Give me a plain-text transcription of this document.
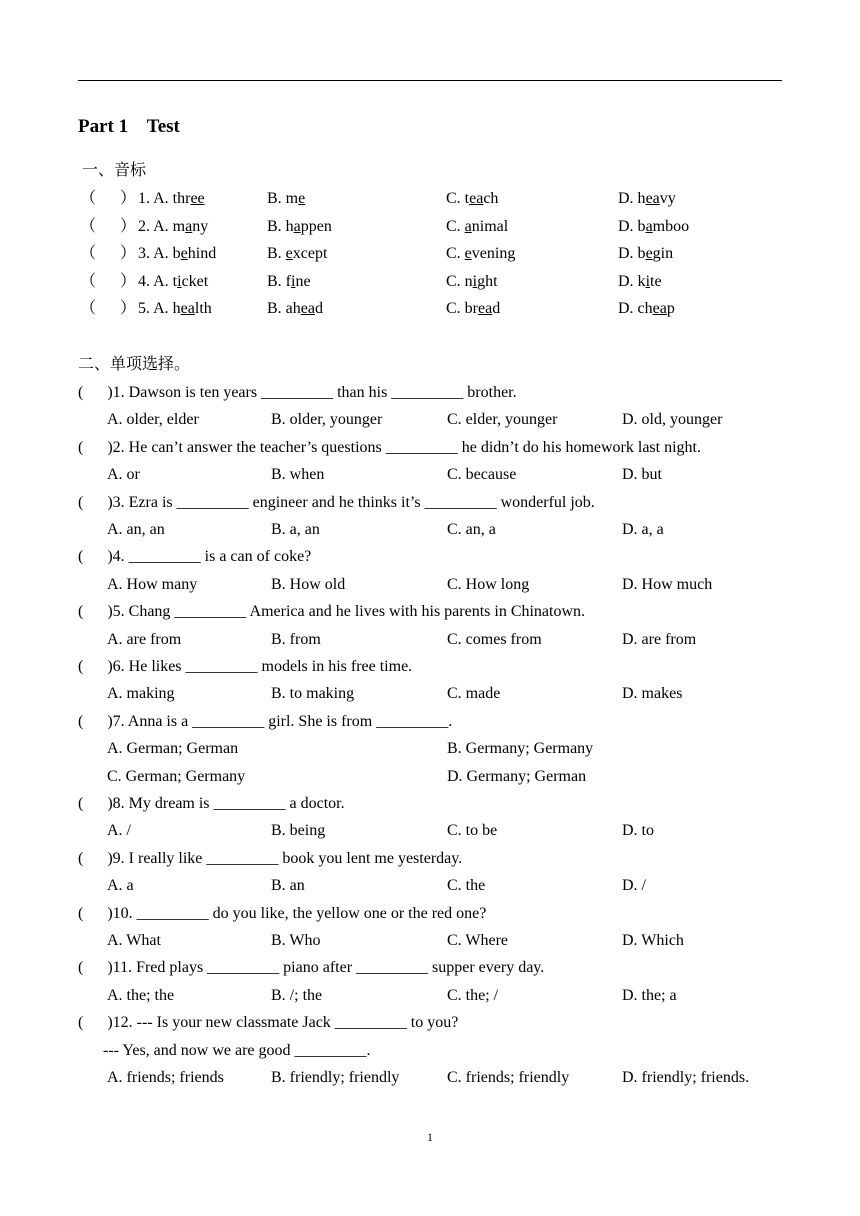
Part 1    Test
一、音标
（      ） 1. A. three	B. me	C. teach	D. heavy
（      ） 2. A. many	B. happen	C. animal	D. bamboo
（      ） 3. A. behind	B. except	C. evening	D. begin
（      ） 4. A. ticket	B. fine	C. night	D. kite
（      ） 5. A. health	B. ahead	C. bread	D. cheap
二、单项选择。
(      )1. Dawson is ten years _________ than his _________ brother.
A. older, elder	B. older, younger	C. elder, younger	D. old, younger
(      )2. He can’t answer the teacher’s questions _________ he didn’t do his homework last night.
A. or	B. when	C. because	D. but
(      )3. Ezra is _________ engineer and he thinks it’s _________ wonderful job.
A. an, an	B. a, an	C. an, a	D. a, a
(      )4. _________ is a can of coke?
A. How many	B. How old	C. How long	D. How much
(      )5. Chang _________ America and he lives with his parents in Chinatown.
A. are from	B. from	C. comes from	D. are from
(      )6. He likes _________ models in his free time.
A. making	B. to making	C. made	D. makes
(      )7. Anna is a _________ girl. She is from _________.
A. German; German	B. Germany; Germany
C. German; Germany	D. Germany; German
(      )8. My dream is _________ a doctor.
A. /	B. being	C. to be	D. to
(      )9. I really like _________ book you lent me yesterday.
A. a	B. an	C. the	D. /
(      )10. _________ do you like, the yellow one or the red one?
A. What	B. Who	C. Where	D. Which
(      )11. Fred plays _________ piano after _________ supper every day.
A. the; the	B. /; the	C. the; /	D. the; a
(      )12. --- Is your new classmate Jack _________ to you?
--- Yes, and now we are good _________.
A. friends; friends	B. friendly; friendly	C. friends; friendly	D. friendly; friends.
1
